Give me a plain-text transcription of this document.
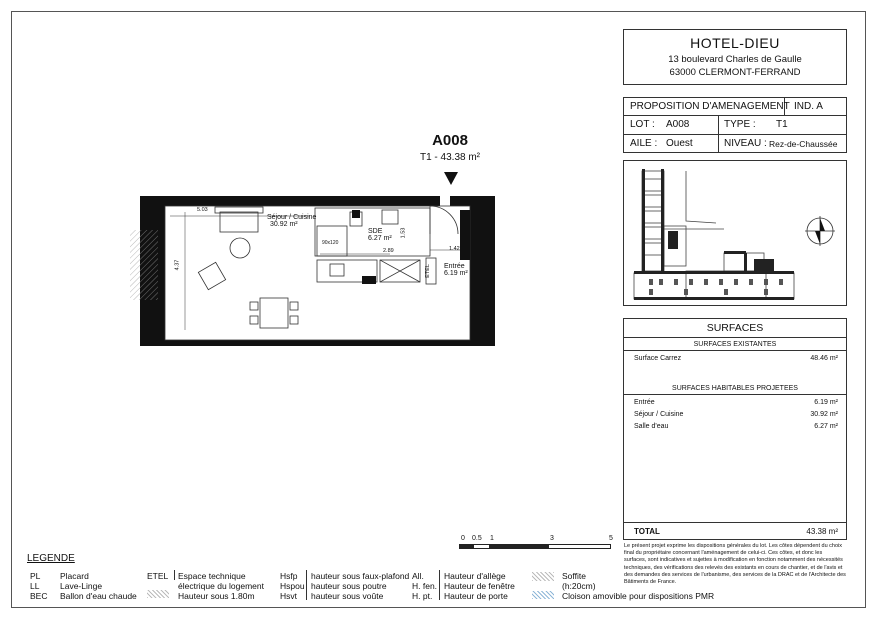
HOTEL-DIEU
13 boulevard Charles de Gaulle
63000 CLERMONT-FERRAND
PROPOSITION D'AMENAGEMENT IND. A
LOT : A008	TYPE : T1
AILE : Ouest	NIVEAU : Rez-de-Chaussée
SURFACES
SURFACES EXISTANTES
Surface Carrez	48.46 m²
SURFACES HABITABLES PROJETEES
Entrée	6.19 m²
Séjour / Cuisine	30.92 m²
Salle d'eau	6.27 m²
TOTAL	43.38 m²
Le présent projet exprime les dispositions générales du lot. Les côtes dépendent du choix final du propriétaire concernant l'aménagement de celui-ci. Ces côtes, et donc les surfaces, sont indicatives et sujettes à modification en fonction notamment des nécessités techniques, des vérifications des relevés des existants en cours de chantier, et de l'avis et des demandes des services de l'urbanisme, des services de la DRAC et de l'Architecte des Bâtiments de France.
A008
T1 - 43.38 m²
Séjour / Cuisine
30.92 m²
SDE
6.27 m²
Entrée
6.19 m²
5.03
4.37
2.89	1.42
1.53
90x120
ETEL
0 0.5 1	3	5
LEGENDE
PL Placard
LL Lave-Linge
BEC Ballon d'eau chaude
ETEL Espace technique
électrique du logement
Hauteur sous 1.80m
Hsfp hauteur sous faux-plafond
Hspou hauteur sous poutre
Hsvt hauteur sous voûte
All. Hauteur d'allège
H. fen. Hauteur de fenêtre
H. pt. Hauteur de porte
Soffite
(h:20cm)
Cloison amovible pour dispositions PMR
